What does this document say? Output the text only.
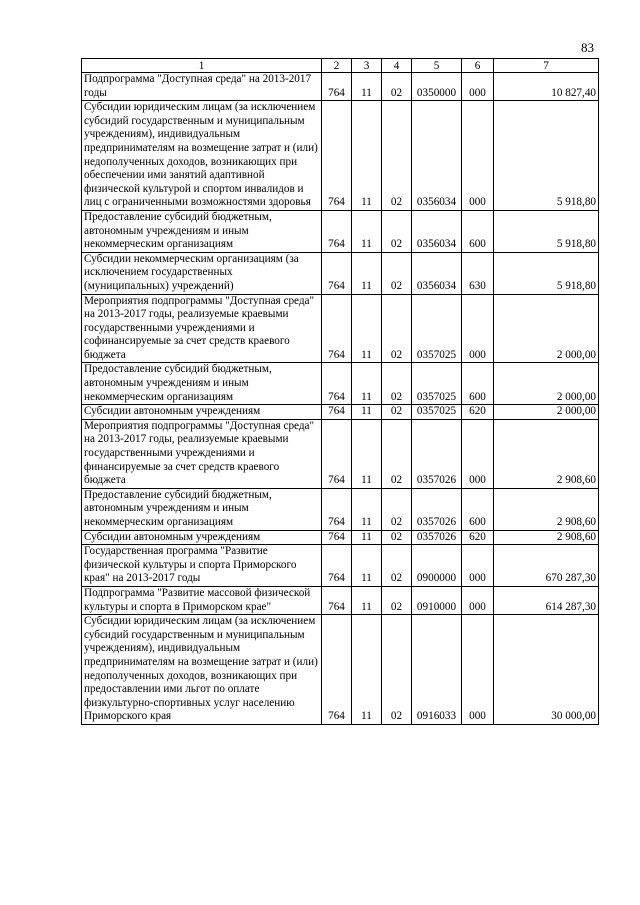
83
1	2	3	4	5	6	7
Подпрограмма "Доступная среда" на 2013-2017 годы	764	11	02	0350000	000	10 827,40
Субсидии юридическим лицам (за исключением субсидий государственным и муниципальным учреждениям), индивидуальным предпринимателям на возмещение затрат и (или) недополученных доходов, возникающих при обеспечении ими занятий адаптивной физической культурой и спортом инвалидов и лиц с ограниченными возможностями здоровья	764	11	02	0356034	000	5 918,80
Предоставление субсидий бюджетным, автономным учреждениям и иным некоммерческим организациям	764	11	02	0356034	600	5 918,80
Субсидии некоммерческим организациям (за исключением государственных (муниципальных) учреждений)	764	11	02	0356034	630	5 918,80
Мероприятия подпрограммы "Доступная среда" на 2013-2017 годы, реализуемые краевыми государственными учреждениями и софинансируемые за счет средств краевого бюджета	764	11	02	0357025	000	2 000,00
Предоставление субсидий бюджетным, автономным учреждениям и иным некоммерческим организациям	764	11	02	0357025	600	2 000,00
Субсидии автономным учреждениям	764	11	02	0357025	620	2 000,00
Мероприятия подпрограммы "Доступная среда" на 2013-2017 годы, реализуемые краевыми государственными учреждениями и финансируемые за счет средств краевого бюджета	764	11	02	0357026	000	2 908,60
Предоставление субсидий бюджетным, автономным учреждениям и иным некоммерческим организациям	764	11	02	0357026	600	2 908,60
Субсидии автономным учреждениям	764	11	02	0357026	620	2 908,60
Государственная программа "Развитие физической культуры и спорта Приморского края" на 2013-2017 годы	764	11	02	0900000	000	670 287,30
Подпрограмма "Развитие массовой физической культуры и спорта в Приморском крае"	764	11	02	0910000	000	614 287,30
Субсидии юридическим лицам (за исключением субсидий государственным и муниципальным учреждениям), индивидуальным предпринимателям на возмещение затрат и (или) недополученных доходов, возникающих при предоставлении ими льгот по оплате физкультурно-спортивных услуг населению Приморского края	764	11	02	0916033	000	30 000,00
